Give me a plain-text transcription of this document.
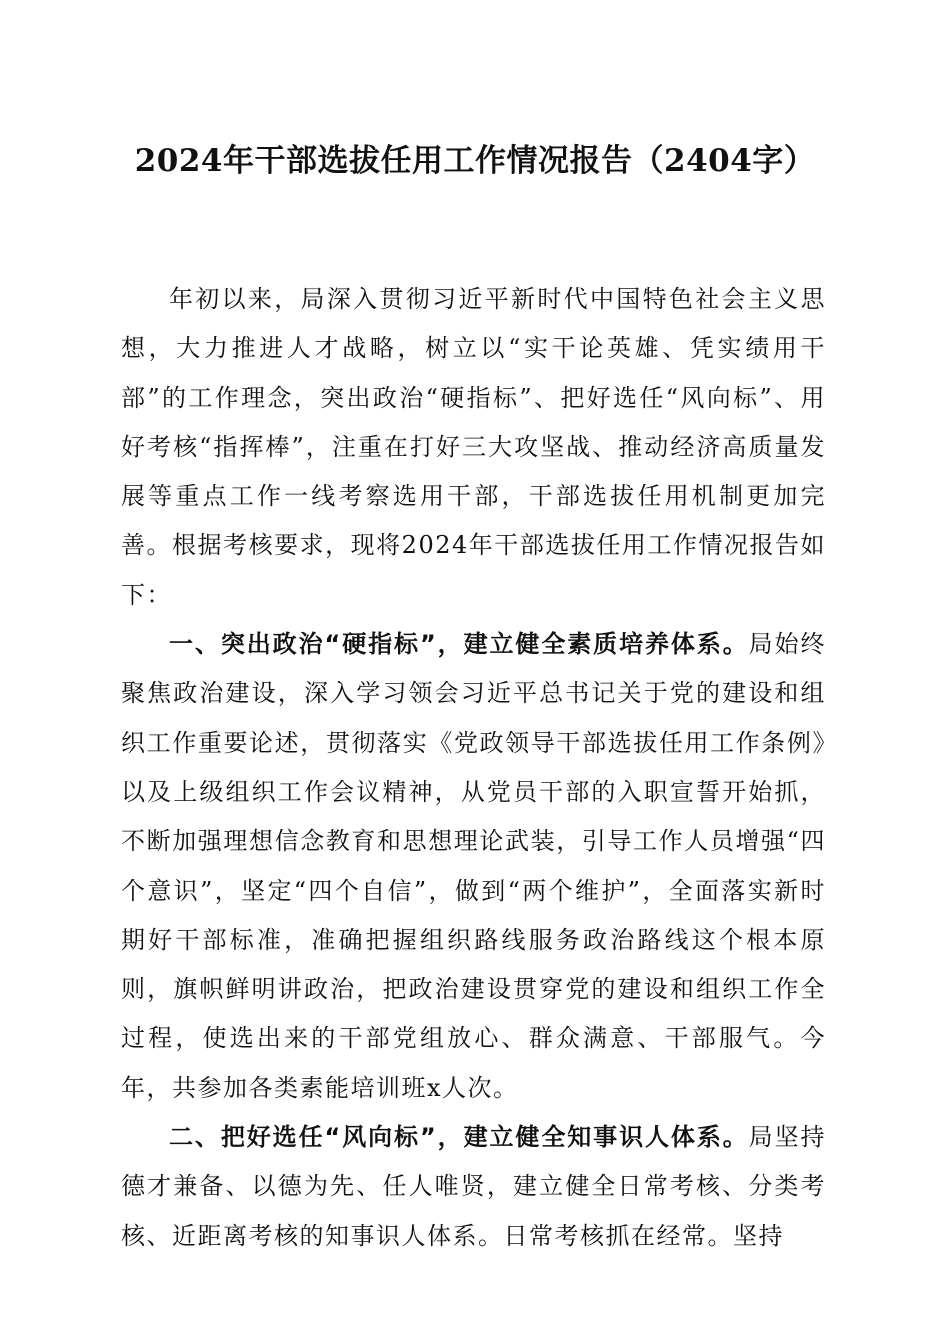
2024年干部选拔任用工作情况报告（2404字）

年初以来，局深入贯彻习近平新时代中国特色社会主义思想，大力推进人才战略，树立以“实干论英雄、凭实绩用干部”的工作理念，突出政治“硬指标”、把好选任“风向标”、用好考核“指挥棒”，注重在打好三大攻坚战、推动经济高质量发展等重点工作一线考察选用干部，干部选拔任用机制更加完善。根据考核要求，现将2024年干部选拔任用工作情况报告如下：

一、突出政治“硬指标”，建立健全素质培养体系。局始终聚焦政治建设，深入学习领会习近平总书记关于党的建设和组织工作重要论述，贯彻落实《党政领导干部选拔任用工作条例》以及上级组织工作会议精神，从党员干部的入职宣誓开始抓，不断加强理想信念教育和思想理论武装，引导工作人员增强“四个意识”，坚定“四个自信”，做到“两个维护”，全面落实新时期好干部标准，准确把握组织路线服务政治路线这个根本原则，旗帜鲜明讲政治，把政治建设贯穿党的建设和组织工作全过程，使选出来的干部党组放心、群众满意、干部服气。今年，共参加各类素能培训班x人次。

二、把好选任“风向标”，建立健全知事识人体系。局坚持德才兼备、以德为先、任人唯贤，建立健全日常考核、分类考核、近距离考核的知事识人体系。日常考核抓在经常。坚持
